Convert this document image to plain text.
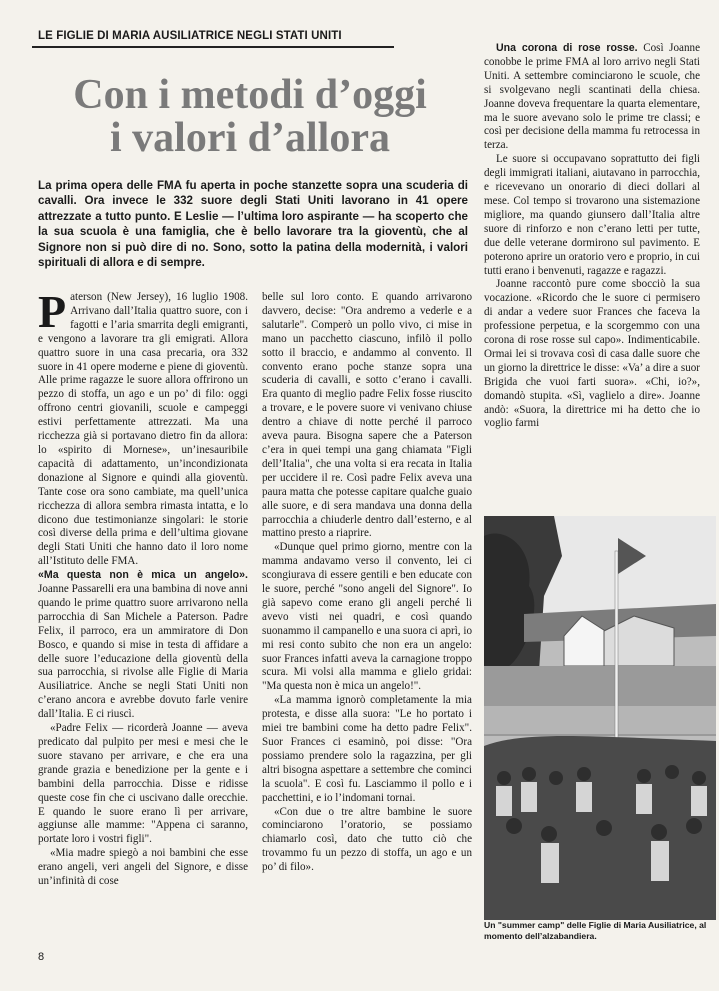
LE FIGLIE DI MARIA AUSILIATRICE NEGLI STATI UNITI
Con i metodi d’oggi
i valori d’allora
La prima opera delle FMA fu aperta in poche stanzette sopra una scuderia di cavalli. Ora invece le 332 suore degli Stati Uniti lavorano in 41 opere attrezzate a tutto punto. E Leslie — l’ultima loro aspirante — ha scoperto che la sua scuola è una famiglia, che è bello lavorare tra la gioventù, che al Signore non si può dire di no. Sono, sotto la patina della modernità, i valori spirituali di allora e di sempre.

Paterson (New Jersey), 16 luglio 1908. Arrivano dall’Italia quattro suore, con i fagotti e l’aria smarrita degli emigranti, e vengono a lavorare tra gli emigrati. Allora quattro suore in una casa precaria, ora 332 suore in 41 opere moderne e piene di gioventù. Alle prime ragazze le suore allora offrirono un pezzo di stoffa, un ago e un po’ di filo: oggi offrono centri giovanili, scuole e campeggi estivi perfettamente attrezzati. Ma una ricchezza già si portavano dietro fin da allora: lo «spirito di Mornese», un’inesauribile capacità di adattamento, un’incondizionata donazione al Signore e quindi alla gioventù. Tante cose ora sono cambiate, ma quell’unica ricchezza di allora sembra rimasta intatta, e lo dicono due testimonianze singolari: le storie così diverse della prima e dell’ultima giovane degli Stati Uniti che hanno dato il loro nome all’Istituto delle FMA.

«Ma questa non è mica un angelo». Joanne Passarelli era una bambina di nove anni quando le prime quattro suore arrivarono nella parrocchia di San Michele a Paterson. Padre Felix, il parroco, era un ammiratore di Don Bosco, e quando si mise in testa di affidare a delle suore l’educazione della gioventù della sua parrocchia, si rivolse alle Figlie di Maria Ausiliatrice. Anche se negli Stati Uniti non c’erano ancora e avrebbe dovuto farle venire dall’Italia. E ci riuscì.

«Padre Felix — ricorderà Joanne — aveva predicato dal pulpito per mesi e mesi che le suore stavano per arrivare, e che era una grande grazia e benedizione per la gente e i bambini della parrocchia. Disse e ridisse queste cose fin che ci uscivano dalle orecchie. E quando le suore erano lì per arrivare, aggiunse alle mamme: "Appena ci saranno, portate loro i vostri figli".

«Mia madre spiegò a noi bambini che esse erano angeli, veri angeli del Signore, e disse un’infinità di cose

belle sul loro conto. E quando arrivarono davvero, decise: "Ora andremo a vederle e a salutarle". Comperò un pollo vivo, ci mise in mano un pacchetto ciascuno, infilò il pollo sotto il braccio, e andammo al convento. Il convento erano poche stanze sopra una scuderia di cavalli, e sotto c’erano i cavalli. Era quanto di meglio padre Felix fosse riuscito a trovare, e le povere suore vi venivano chiuse dentro a chiave di notte perché il parroco aveva paura. Bisogna sapere che a Paterson c’era in quei tempi una gang chiamata "Figli dell’Italia", che una volta si era recata in Italia per uccidere il re. Così padre Felix aveva una paura matta che potesse capitare qualche guaio alle suore, e di sera mandava una donna della parrocchia a chiuderle dentro dall’esterno, e al mattino presto a riaprire.

«Dunque quel primo giorno, mentre con la mamma andavamo verso il convento, lei ci scongiurava di essere gentili e ben educate con le suore, perché "sono angeli del Signore". Io già sapevo come erano gli angeli perché li avevo visti nei quadri, e così quando suonammo il campanello e una suora ci aprì, io mi resi conto subito che non era un angelo: suor Frances infatti aveva la carnagione troppo scura. Mi volsi alla mamma e glielo gridai: "Ma questa non è mica un angelo!".

«La mamma ignorò completamente la mia protesta, e disse alla suora: "Le ho portato i miei tre bambini come ha detto padre Felix". Suor Frances ci esaminò, poi disse: "Ora possiamo prendere solo la ragazzina, per gli altri bisogna aspettare a settembre che cominci la scuola". E così fu. Lasciammo il pollo e i pacchettini, e io l’indomani tornai.

«Con due o tre altre bambine le suore cominciarono l’oratorio, se possiamo chiamarlo così, dato che tutto ciò che trovammo fu un pezzo di stoffa, un ago e un po’ di filo».

Una corona di rose rosse. Così Joanne conobbe le prime FMA al loro arrivo negli Stati Uniti. A settembre cominciarono le scuole, che si svolgevano negli scantinati della chiesa. Joanne doveva frequentare la quarta elementare, ma le suore avevano solo le prime tre classi; e così per decisione della mamma fu retrocessa in terza.

Le suore si occupavano soprattutto dei figli degli immigrati italiani, aiutavano in parrocchia, e ricevevano un onorario di dieci dollari al mese. Col tempo si trovarono una sistemazione migliore, ma quando giunsero dall’Italia altre suore di rinforzo e non c’erano letti per tutte, due delle veterane dormirono sul pavimento. E poterono aprire un oratorio vero e proprio, in cui tutti erano i benvenuti, ragazze e ragazzi.

Joanne raccontò pure come sbocciò la sua vocazione. «Ricordo che le suore ci permisero di andar a vedere suor Frances che faceva la professione perpetua, e la scorgemmo con una corona di rose rosse sul capo». Indimenticabile. Ormai lei si trovava così di casa dalle suore che un giorno la direttrice le disse: «Va’ a dire a suor Brigida che vuoi farti suora». «Chi, io?», domandò stupita. «Sì, vaglielo a dire». Joanne andò: «Suora, la direttrice mi ha detto che io voglio farmi

Un "summer camp" delle Figlie di Maria Ausiliatrice, al momento dell’alzabandiera.
8
